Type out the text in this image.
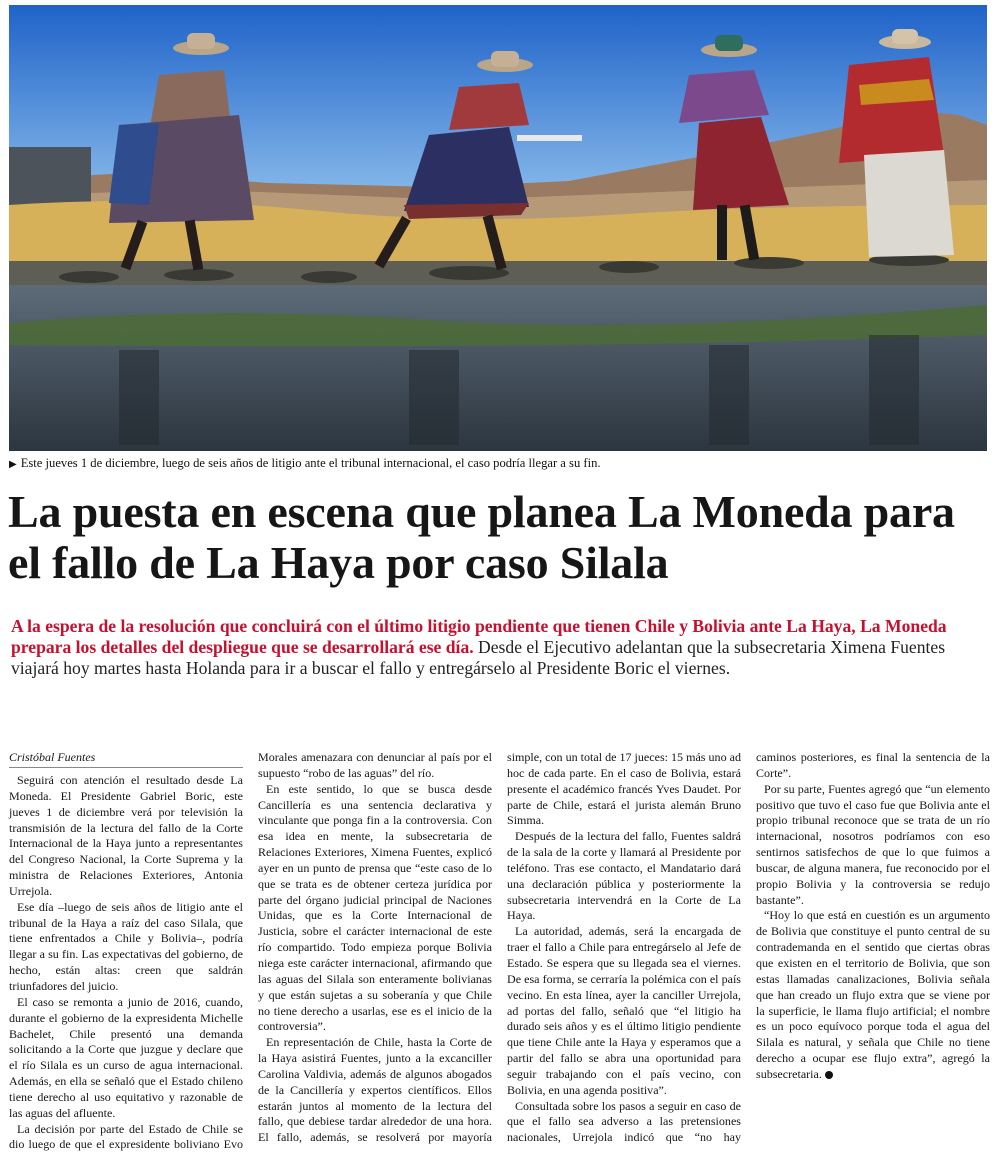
▶ Este jueves 1 de diciembre, luego de seis años de litigio ante el tribunal internacional, el caso podría llegar a su fin.
La puesta en escena que planea La Moneda para el fallo de La Haya por caso Silala

A la espera de la resolución que concluirá con el último litigio pendiente que tienen Chile y Bolivia ante La Haya, La Moneda prepara los detalles del despliegue que se desarrollará ese día. Desde el Ejecutivo adelantan que la subsecretaria Ximena Fuentes viajará hoy martes hasta Holanda para ir a buscar el fallo y entregárselo al Presidente Boric el viernes.

Cristóbal Fuentes

Seguirá con atención el resultado desde La Moneda. El Presidente Gabriel Boric, este jueves 1 de diciembre verá por televisión la transmisión de la lectura del fallo de la Corte Internacional de la Haya junto a representantes del Congreso Nacional, la Corte Suprema y la ministra de Relaciones Exteriores, Antonia Urrejola.

Ese día –luego de seis años de litigio ante el tribunal de la Haya a raíz del caso Silala, que tiene enfrentados a Chile y Bolivia–, podría llegar a su fin. Las expectativas del gobierno, de hecho, están altas: creen que saldrán triunfadores del juicio.

El caso se remonta a junio de 2016, cuando, durante el gobierno de la expresidenta Michelle Bachelet, Chile presentó una demanda solicitando a la Corte que juzgue y declare que el río Silala es un curso de agua internacional. Además, en ella se señaló que el Estado chileno tiene derecho al uso equitativo y razonable de las aguas del afluente.

La decisión por parte del Estado de Chile se dio luego de que el expresidente boliviano Evo Morales amenazara con denunciar al país por el supuesto “robo de las aguas” del río.

En este sentido, lo que se busca desde Cancillería es una sentencia declarativa y vinculante que ponga fin a la controversia. Con esa idea en mente, la subsecretaria de Relaciones Exteriores, Ximena Fuentes, explicó ayer en un punto de prensa que “este caso de lo que se trata es de obtener certeza jurídica por parte del órgano judicial principal de Naciones Unidas, que es la Corte Internacional de Justicia, sobre el carácter internacional de este río compartido. Todo empieza porque Bolivia niega este carácter internacional, afirmando que las aguas del Silala son enteramente bolivianas y que están sujetas a su soberanía y que Chile no tiene derecho a usarlas, ese es el inicio de la controversia”.

En representación de Chile, hasta la Corte de la Haya asistirá Fuentes, junto a la excanciller Carolina Valdivia, además de algunos abogados de la Cancillería y expertos científicos. Ellos estarán juntos al momento de la lectura del fallo, que debiese tardar alrededor de una hora. El fallo, además, se resolverá por mayoría simple, con un total de 17 jueces: 15 más uno ad hoc de cada parte. En el caso de Bolivia, estará presente el académico francés Yves Daudet. Por parte de Chile, estará el jurista alemán Bruno Simma.

Después de la lectura del fallo, Fuentes saldrá de la sala de la corte y llamará al Presidente por teléfono. Tras ese contacto, el Mandatario dará una declaración pública y posteriormente la subsecretaria intervendrá en la Corte de La Haya.

La autoridad, además, será la encargada de traer el fallo a Chile para entregárselo al Jefe de Estado. Se espera que su llegada sea el viernes. De esa forma, se cerraría la polémica con el país vecino. En esta línea, ayer la canciller Urrejola, ad portas del fallo, señaló que “el litigio ha durado seis años y es el último litigio pendiente que tiene Chile ante la Haya y esperamos que a partir del fallo se abra una oportunidad para seguir trabajando con el país vecino, con Bolivia, en una agenda positiva”.

Consultada sobre los pasos a seguir en caso de que el fallo sea adverso a las pretensiones nacionales, Urrejola indicó que “no hay caminos posteriores, es final la sentencia de la Corte”.

Por su parte, Fuentes agregó que “un elemento positivo que tuvo el caso fue que Bolivia ante el propio tribunal reconoce que se trata de un río internacional, nosotros podríamos con eso sentirnos satisfechos de que lo que fuimos a buscar, de alguna manera, fue reconocido por el propio Bolivia y la controversia se redujo bastante”.

“Hoy lo que está en cuestión es un argumento de Bolivia que constituye el punto central de su contrademanda en el sentido que ciertas obras que existen en el territorio de Bolivia, que son estas llamadas canalizaciones, Bolivia señala que han creado un flujo extra que se viene por la superficie, le llama flujo artificial; el nombre es un poco equívoco porque toda el agua del Silala es natural, y señala que Chile no tiene derecho a ocupar ese flujo extra”, agregó la subsecretaria.
